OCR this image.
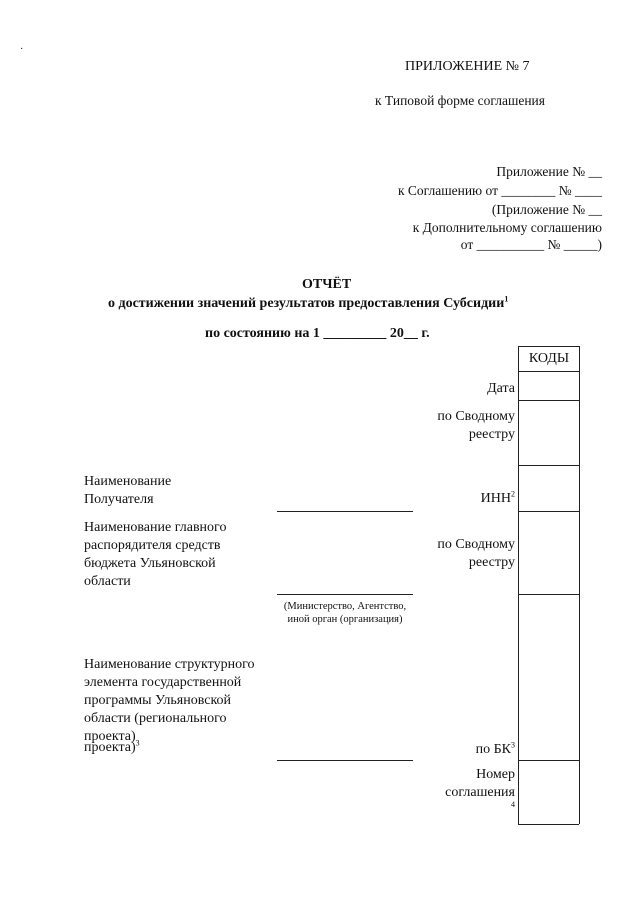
·
ПРИЛОЖЕНИЕ № 7
к Типовой форме соглашения
Приложение № __
к Соглашению от ________ № ____
(Приложение № __
к Дополнительному соглашению
от __________ № _____)
ОТЧЁТ
о достижении значений результатов предоставления Субсидии$^1$
по состоянию на 1 _________ 20__ г.
КОДЫ
Дата
по Сводному реестру
ИНН$^2$
по Сводному реестру
по $БК^3$
Номер соглашения
4
Наименование Получателя
Наименование главного распорядителя средств бюджета Ульяновской области
(Министерство, Агентство, иной орган (организация)
Наименование структурного элемента государственной программы Ульяновской области (регионального проекта)
проекта)$^3$
